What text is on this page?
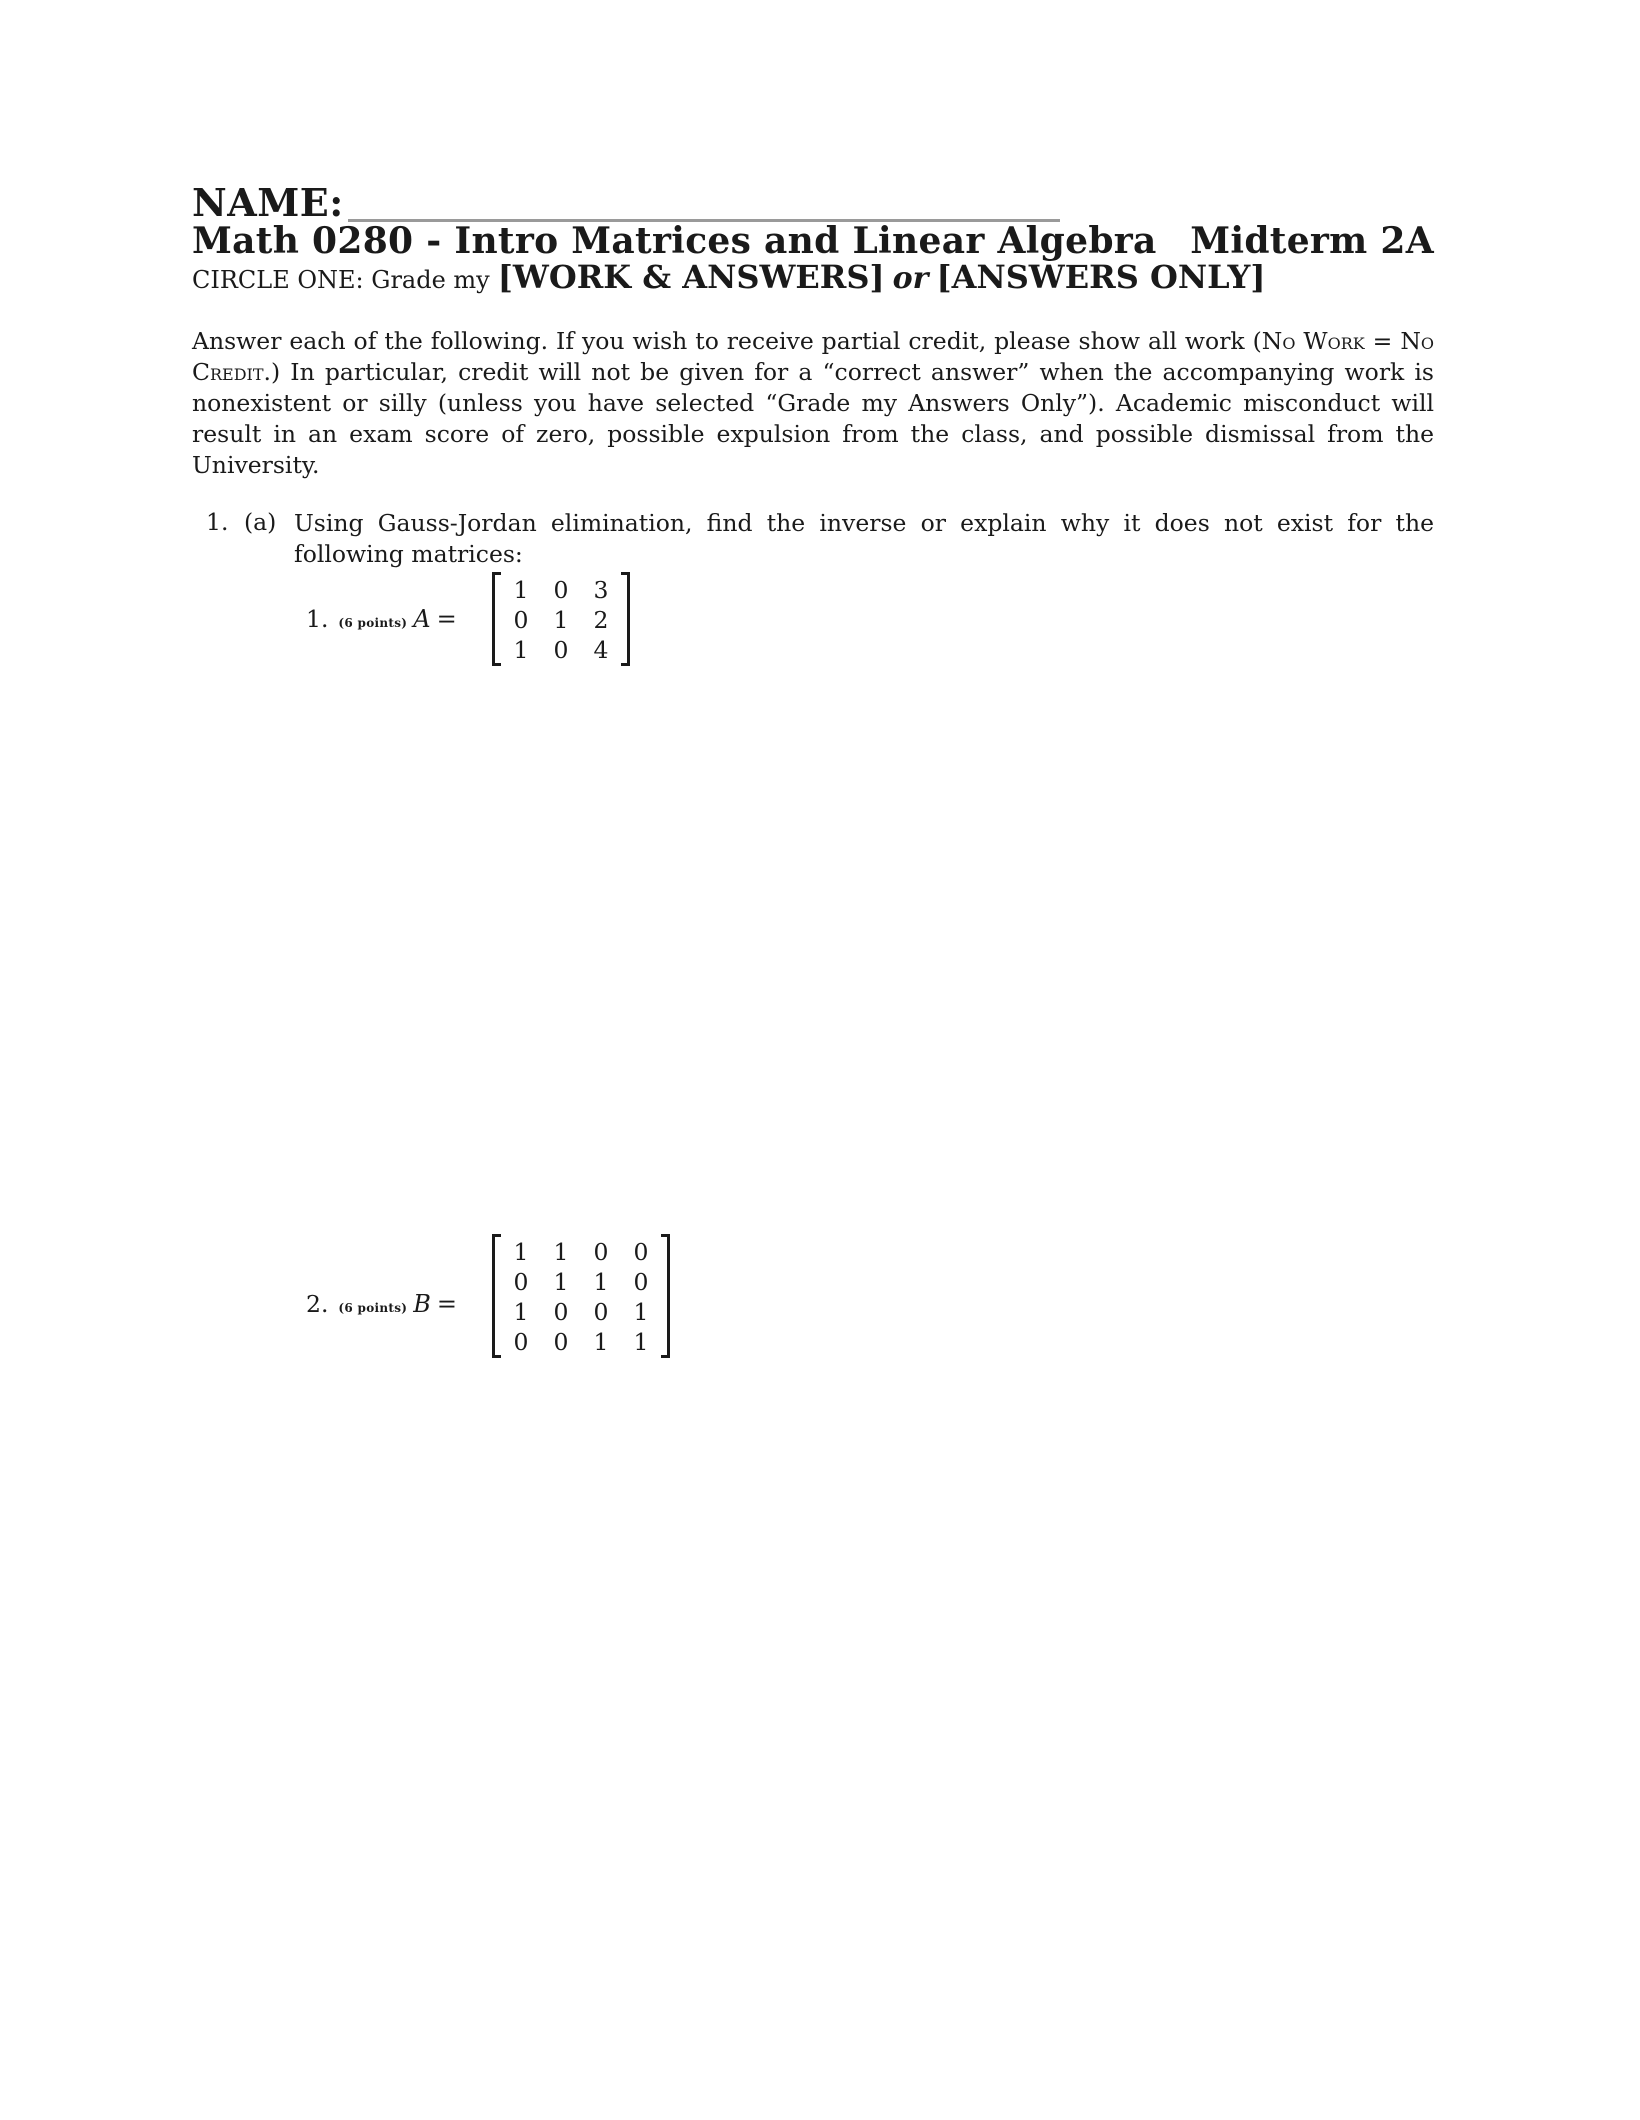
NAME:
Math 0280 - Intro Matrices and Linear Algebra Midterm 2A
CIRCLE ONE: Grade my [WORK & ANSWERS] or [ANSWERS ONLY]
Answer each of the following. If you wish to receive partial credit, please show all work (No Work = No Credit.) In particular, credit will not be given for a “correct answer” when the accompanying work is nonexistent or silly (unless you have selected “Grade my Answers Only”). Academic misconduct will result in an exam score of zero, possible expulsion from the class, and possible dismissal from the University.
1. (a) Using Gauss-Jordan elimination, find the inverse or explain why it does not exist for the following matrices:
1. (6 points) A =
1	0	3
0	1	2
1	0	4
2. (6 points) B =
1	1	0	0
0	1	1	0
1	0	0	1
0	0	1	1
